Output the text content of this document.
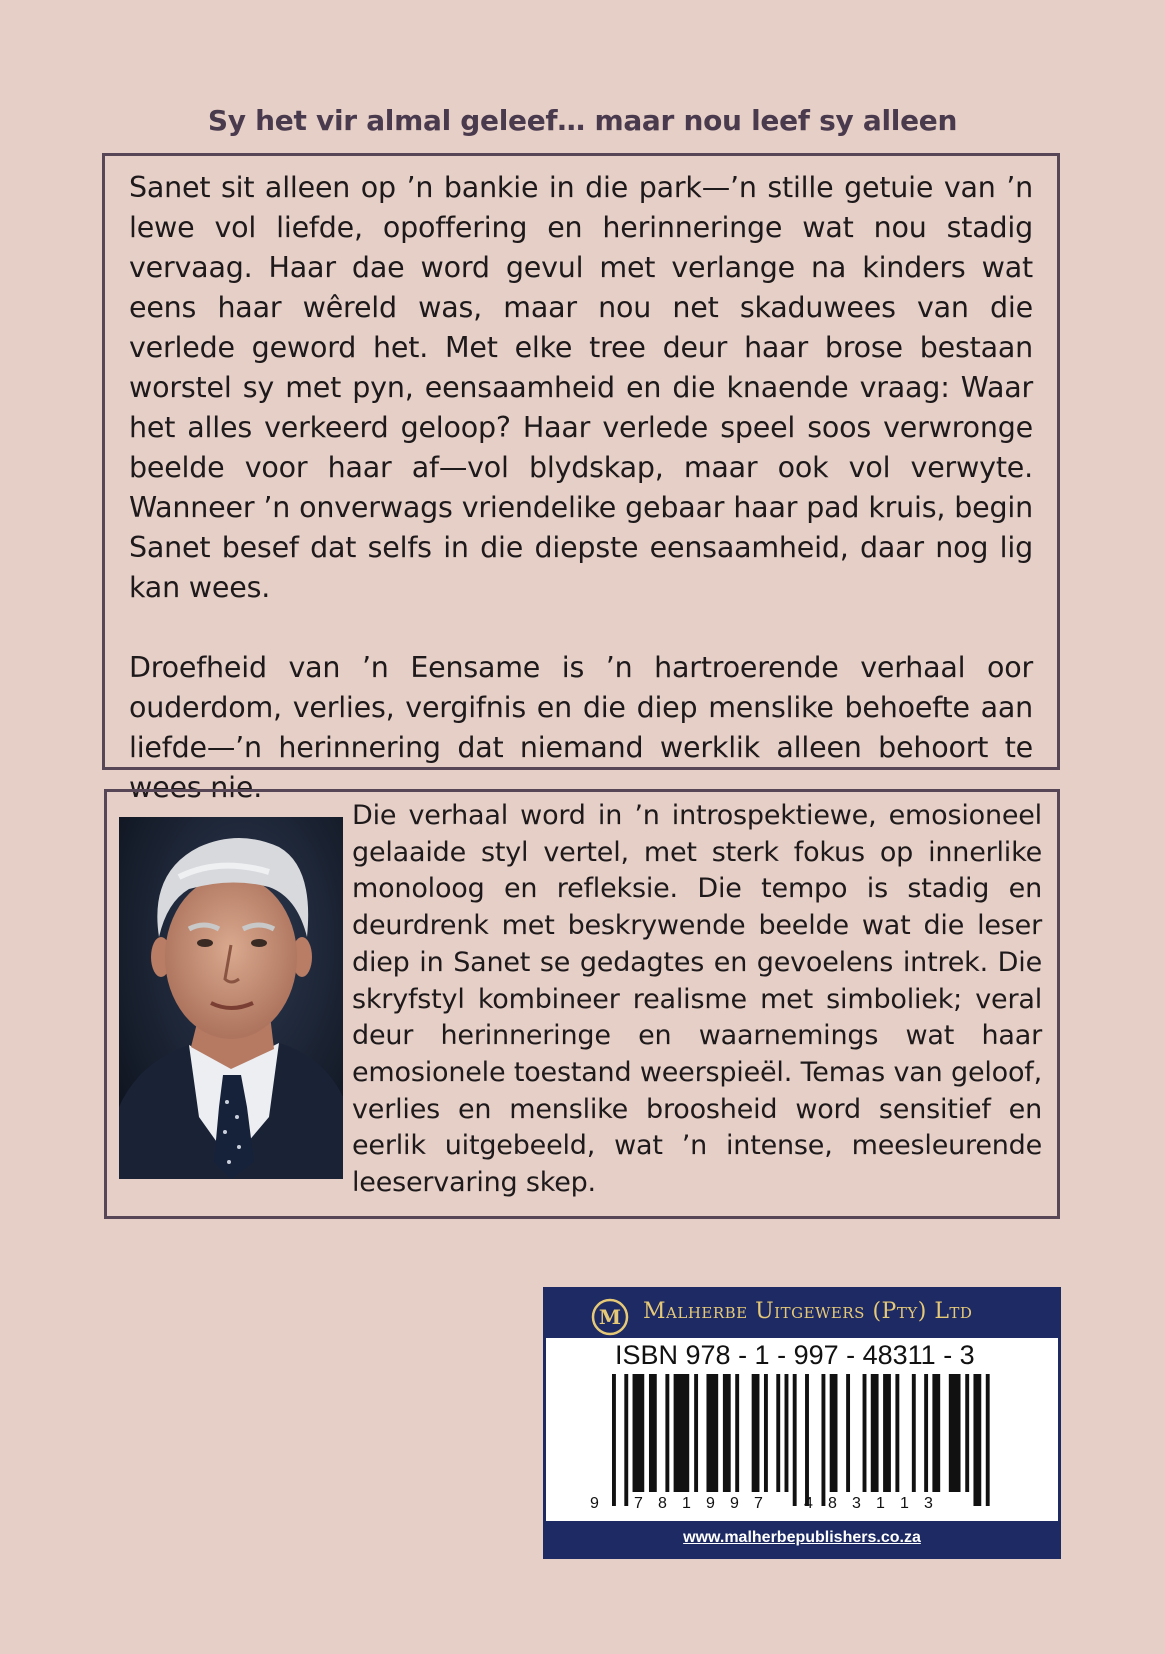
Sy het vir almal geleef… maar nou leef sy alleen

Sanet sit alleen op ’n bankie in die park—’n stille getuie van ’n lewe vol liefde, opoffering en herinneringe wat nou stadig vervaag. Haar dae word gevul met verlange na kinders wat eens haar wêreld was, maar nou net skaduwees van die verlede geword het. Met elke tree deur haar brose bestaan worstel sy met pyn, eensaamheid en die knaende vraag: Waar het alles verkeerd geloop? Haar verlede speel soos verwronge beelde voor haar af—vol blydskap, maar ook vol verwyte. Wanneer ’n onverwags vriendelike gebaar haar pad kruis, begin Sanet besef dat selfs in die diepste eensaamheid, daar nog lig kan wees.

Droefheid van ’n Eensame is ’n hartroerende verhaal oor ouderdom, verlies, vergifnis en die diep menslike behoefte aan liefde—’n herinnering dat niemand werklik alleen behoort te wees nie.

Die verhaal word in ’n introspektiewe, emosioneel gelaaide styl vertel, met sterk fokus op innerlike monoloog en refleksie. Die tempo is stadig en deurdrenk met beskrywende beelde wat die leser diep in Sanet se gedagtes en gevoelens intrek. Die skryfstyl kombineer realisme met simboliek; veral deur herinneringe en waarnemings wat haar emosionele toestand weerspieël. Temas van geloof, verlies en menslike broosheid word sensitief en eerlik uitgebeeld, wat ’n intense, meesleurende leeservaring skep.

M Malherbe Uitgewers (Pty) Ltd
ISBN 978 - 1 - 997 - 48311 - 3
9 7 8 1 9 9 7	4 8 3 1 1 3
www.malherbepublishers.co.za
